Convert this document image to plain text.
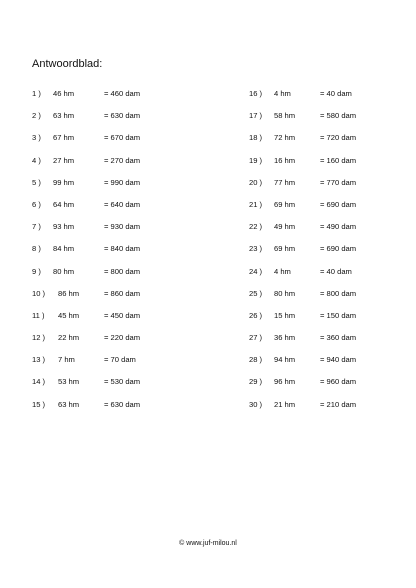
Antwoordblad:
1 ) 46 hm	= 460 dam
2 ) 63 hm	= 630 dam
3 ) 67 hm	= 670 dam
4 ) 27 hm	= 270 dam
5 ) 99 hm	= 990 dam
6 ) 64 hm	= 640 dam
7 ) 93 hm	= 930 dam
8 ) 84 hm	= 840 dam
9 ) 80 hm	= 800 dam
10 ) 86 hm	= 860 dam
11 ) 45 hm	= 450 dam
12 ) 22 hm	= 220 dam
13 ) 7 hm	= 70 dam
14 ) 53 hm	= 530 dam
15 ) 63 hm	= 630 dam
16 ) 4 hm	= 40 dam
17 ) 58 hm	= 580 dam
18 ) 72 hm	= 720 dam
19 ) 16 hm	= 160 dam
20 ) 77 hm	= 770 dam
21 ) 69 hm	= 690 dam
22 ) 49 hm	= 490 dam
23 ) 69 hm	= 690 dam
24 ) 4 hm	= 40 dam
25 ) 80 hm	= 800 dam
26 ) 15 hm	= 150 dam
27 ) 36 hm	= 360 dam
28 ) 94 hm	= 940 dam
29 ) 96 hm	= 960 dam
30 ) 21 hm	= 210 dam
© www.juf-milou.nl
